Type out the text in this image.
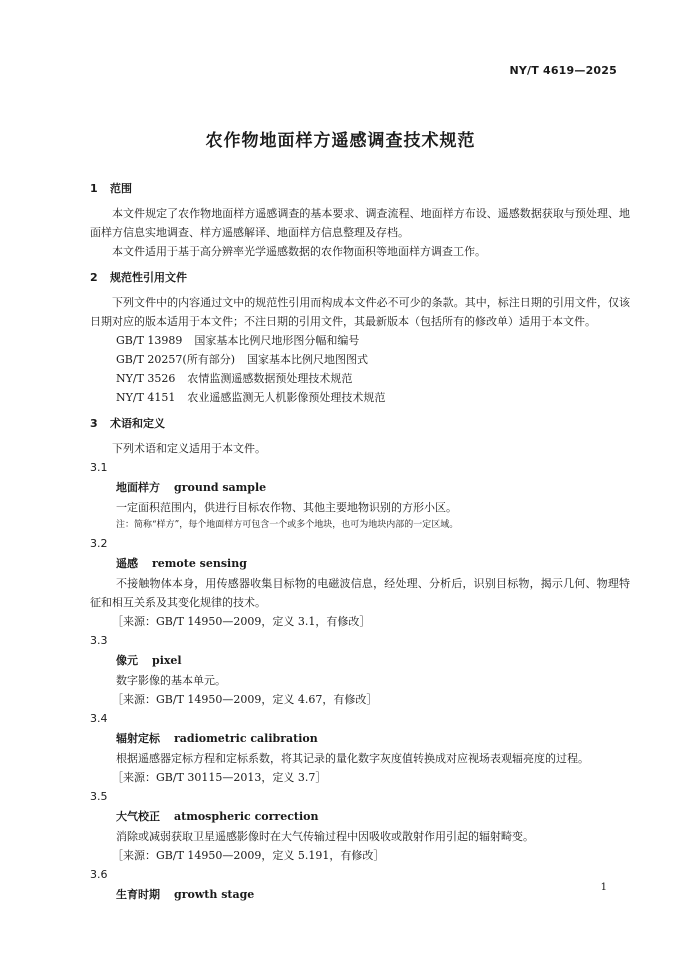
NY/T 4619—2025
农作物地面样方遥感调查技术规范
1 范围

本文件规定了农作物地面样方遥感调查的基本要求、调查流程、地面样方布设、遥感数据获取与预处理、地面样方信息实地调查、样方遥感解译、地面样方信息整理及存档。

本文件适用于基于高分辨率光学遥感数据的农作物面积等地面样方调查工作。

2 规范性引用文件

下列文件中的内容通过文中的规范性引用而构成本文件必不可少的条款。其中，标注日期的引用文件，仅该日期对应的版本适用于本文件；不注日期的引用文件，其最新版本（包括所有的修改单）适用于本文件。

GB/T 13989 国家基本比例尺地形图分幅和编号
GB/T 20257(所有部分) 国家基本比例尺地图图式
NY/T 3526 农情监测遥感数据预处理技术规范
NY/T 4151 农业遥感监测无人机影像预处理技术规范
3 术语和定义

下列术语和定义适用于本文件。

3.1
地面样方 ground sample
一定面积范围内，供进行目标农作物、其他主要地物识别的方形小区。
注：简称“样方”，每个地面样方可包含一个或多个地块，也可为地块内部的一定区域。
3.2
遥感 remote sensing

不接触物体本身，用传感器收集目标物的电磁波信息，经处理、分析后，识别目标物，揭示几何、物理特征和相互关系及其变化规律的技术。

［来源：GB/T 14950—2009，定义 3.1，有修改］
3.3
像元 pixel
数字影像的基本单元。
［来源：GB/T 14950—2009，定义 4.67，有修改］
3.4
辐射定标 radiometric calibration
根据遥感器定标方程和定标系数，将其记录的量化数字灰度值转换成对应视场表观辐亮度的过程。
［来源：GB/T 30115—2013，定义 3.7］
3.5
大气校正 atmospheric correction
消除或减弱获取卫星遥感影像时在大气传输过程中因吸收或散射作用引起的辐射畸变。
［来源：GB/T 14950—2009，定义 5.191，有修改］
3.6
生育时期 growth stage
1
